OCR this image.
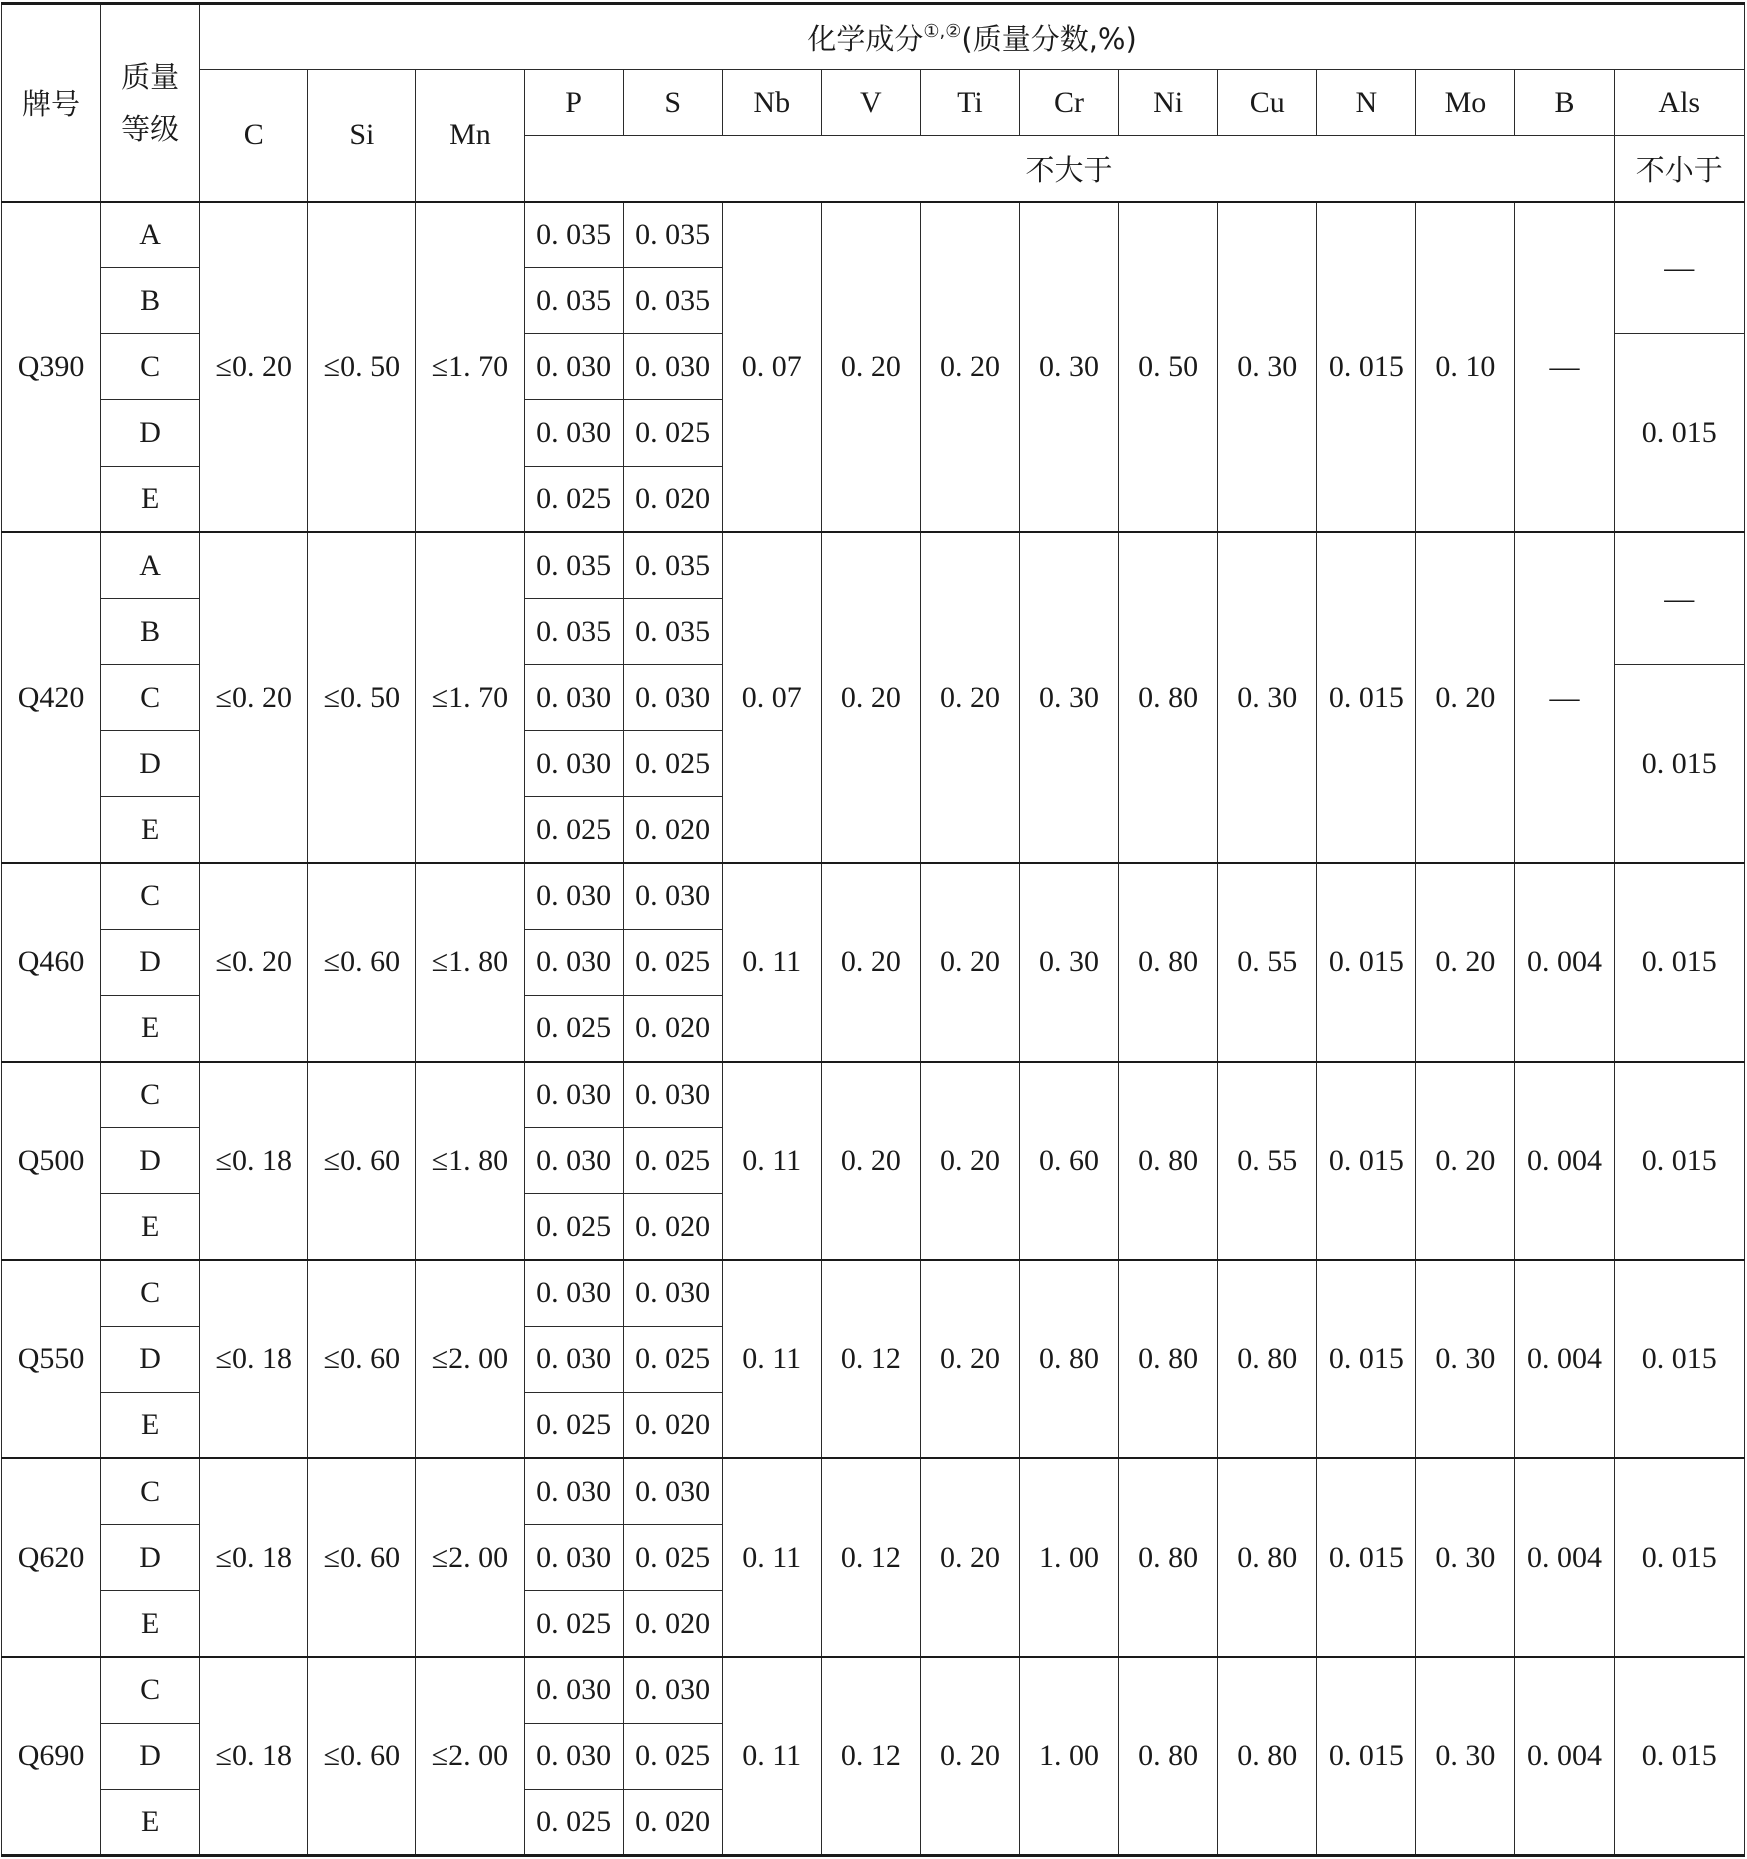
牌号	质量
等级	化学成分①,②(质量分数,%)														
		C	Si	Mn	P	S	Nb	V	Ti	Cr	Ni	Cu	N	Mo	B	Als
					不大于											不小于
Q390	A	≤0. 20	≤0. 50	≤1. 70	0. 035	0. 035	0. 07	0. 20	0. 20	0. 30	0. 50	0. 30	0. 015	0. 10	—	—
	B				0. 035	0. 035										
	C				0. 030	0. 030										0. 015
	D				0. 030	0. 025										
	E				0. 025	0. 020										
Q420	A	≤0. 20	≤0. 50	≤1. 70	0. 035	0. 035	0. 07	0. 20	0. 20	0. 30	0. 80	0. 30	0. 015	0. 20	—	—
	B				0. 035	0. 035										
	C				0. 030	0. 030										0. 015
	D				0. 030	0. 025										
	E				0. 025	0. 020										
Q460	C	≤0. 20	≤0. 60	≤1. 80	0. 030	0. 030	0. 11	0. 20	0. 20	0. 30	0. 80	0. 55	0. 015	0. 20	0. 004	0. 015
	D				0. 030	0. 025										
	E				0. 025	0. 020										
Q500	C	≤0. 18	≤0. 60	≤1. 80	0. 030	0. 030	0. 11	0. 20	0. 20	0. 60	0. 80	0. 55	0. 015	0. 20	0. 004	0. 015
	D				0. 030	0. 025										
	E				0. 025	0. 020										
Q550	C	≤0. 18	≤0. 60	≤2. 00	0. 030	0. 030	0. 11	0. 12	0. 20	0. 80	0. 80	0. 80	0. 015	0. 30	0. 004	0. 015
	D				0. 030	0. 025										
	E				0. 025	0. 020										
Q620	C	≤0. 18	≤0. 60	≤2. 00	0. 030	0. 030	0. 11	0. 12	0. 20	1. 00	0. 80	0. 80	0. 015	0. 30	0. 004	0. 015
	D				0. 030	0. 025										
	E				0. 025	0. 020										
Q690	C	≤0. 18	≤0. 60	≤2. 00	0. 030	0. 030	0. 11	0. 12	0. 20	1. 00	0. 80	0. 80	0. 015	0. 30	0. 004	0. 015
	D				0. 030	0. 025										
	E				0. 025	0. 020										
